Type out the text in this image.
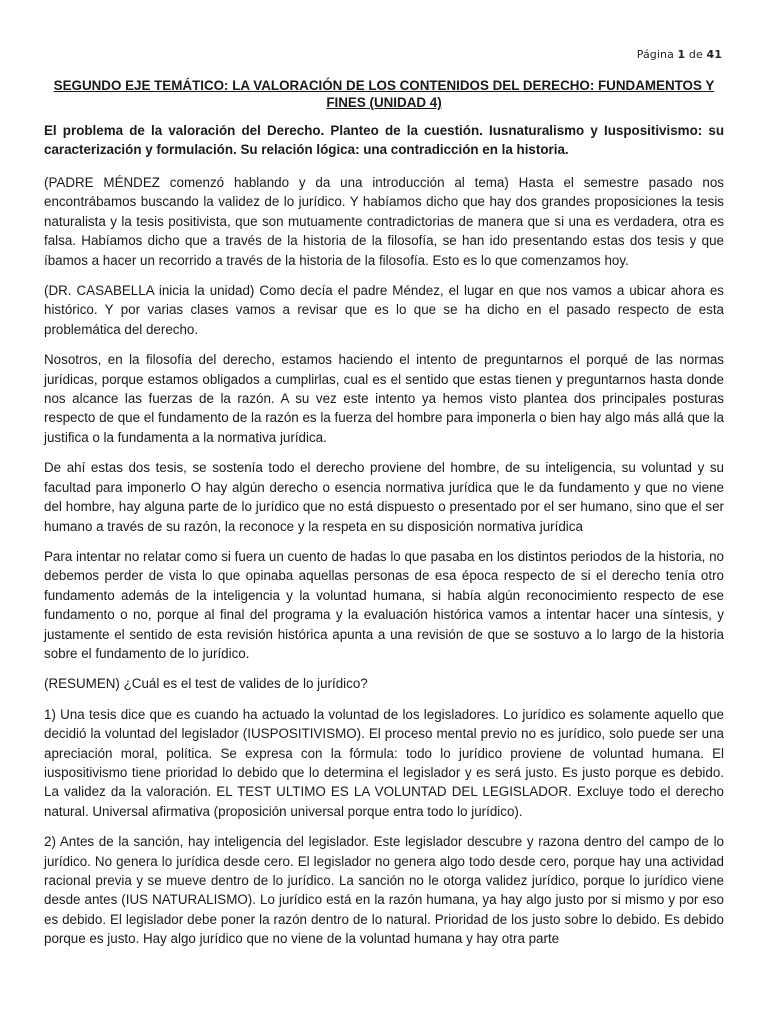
Página 1 de 41
SEGUNDO EJE TEMÁTICO: LA VALORACIÓN DE LOS CONTENIDOS DEL DERECHO: FUNDAMENTOS Y FINES (UNIDAD 4)
El problema de la valoración del Derecho. Planteo de la cuestión. Iusnaturalismo y Iuspositivismo: su caracterización y formulación. Su relación lógica: una contradicción en la historia.

(PADRE MÉNDEZ comenzó hablando y da una introducción al tema) Hasta el semestre pasado nos encontrábamos buscando la validez de lo jurídico. Y habíamos dicho que hay dos grandes proposiciones la tesis naturalista y la tesis positivista, que son mutuamente contradictorias de manera que si una es verdadera, otra es falsa. Habíamos dicho que a través de la historia de la filosofía, se han ido presentando estas dos tesis y que íbamos a hacer un recorrido a través de la historia de la filosofía. Esto es lo que comenzamos hoy.

(DR. CASABELLA inicia la unidad) Como decía el padre Méndez, el lugar en que nos vamos a ubicar ahora es histórico. Y por varias clases vamos a revisar que es lo que se ha dicho en el pasado respecto de esta problemática del derecho.

Nosotros, en la filosofía del derecho, estamos haciendo el intento de preguntarnos el porqué de las normas jurídicas, porque estamos obligados a cumplirlas, cual es el sentido que estas tienen y preguntarnos hasta donde nos alcance las fuerzas de la razón. A su vez este intento ya hemos visto plantea dos principales posturas respecto de que el fundamento de la razón es la fuerza del hombre para imponerla o bien hay algo más allá que la justifica o la fundamenta a la normativa jurídica.

De ahí estas dos tesis, se sostenía todo el derecho proviene del hombre, de su inteligencia, su voluntad y su facultad para imponerlo O hay algún derecho o esencia normativa jurídica que le da fundamento y que no viene del hombre, hay alguna parte de lo jurídico que no está dispuesto o presentado por el ser humano, sino que el ser humano a través de su razón, la reconoce y la respeta en su disposición normativa jurídica

Para intentar no relatar como si fuera un cuento de hadas lo que pasaba en los distintos periodos de la historia, no debemos perder de vista lo que opinaba aquellas personas de esa época respecto de si el derecho tenía otro fundamento además de la inteligencia y la voluntad humana, si había algún reconocimiento respecto de ese fundamento o no, porque al final del programa y la evaluación histórica vamos a intentar hacer una síntesis, y justamente el sentido de esta revisión histórica apunta a una revisión de que se sostuvo a lo largo de la historia sobre el fundamento de lo jurídico.

(RESUMEN) ¿Cuál es el test de valides de lo jurídico?

1) Una tesis dice que es cuando ha actuado la voluntad de los legisladores. Lo jurídico es solamente aquello que decidió la voluntad del legislador (IUSPOSITIVISMO). El proceso mental previo no es jurídico, solo puede ser una apreciación moral, política. Se expresa con la fórmula: todo lo jurídico proviene de voluntad humana. El iuspositivismo tiene prioridad lo debido que lo determina el legislador y es será justo. Es justo porque es debido. La validez da la valoración. EL TEST ULTIMO ES LA VOLUNTAD DEL LEGISLADOR. Excluye todo el derecho natural. Universal afirmativa (proposición universal porque entra todo lo jurídico).

2) Antes de la sanción, hay inteligencia del legislador. Este legislador descubre y razona dentro del campo de lo jurídico. No genera lo jurídica desde cero. El legislador no genera algo todo desde cero, porque hay una actividad racional previa y se mueve dentro de lo jurídico. La sanción no le otorga validez jurídico, porque lo jurídico viene desde antes (IUS NATURALISMO). Lo jurídico está en la razón humana, ya hay algo justo por si mismo y por eso es debido. El legislador debe poner la razón dentro de lo natural. Prioridad de los justo sobre lo debido. Es debido porque es justo. Hay algo jurídico que no viene de la voluntad humana y hay otra parte
